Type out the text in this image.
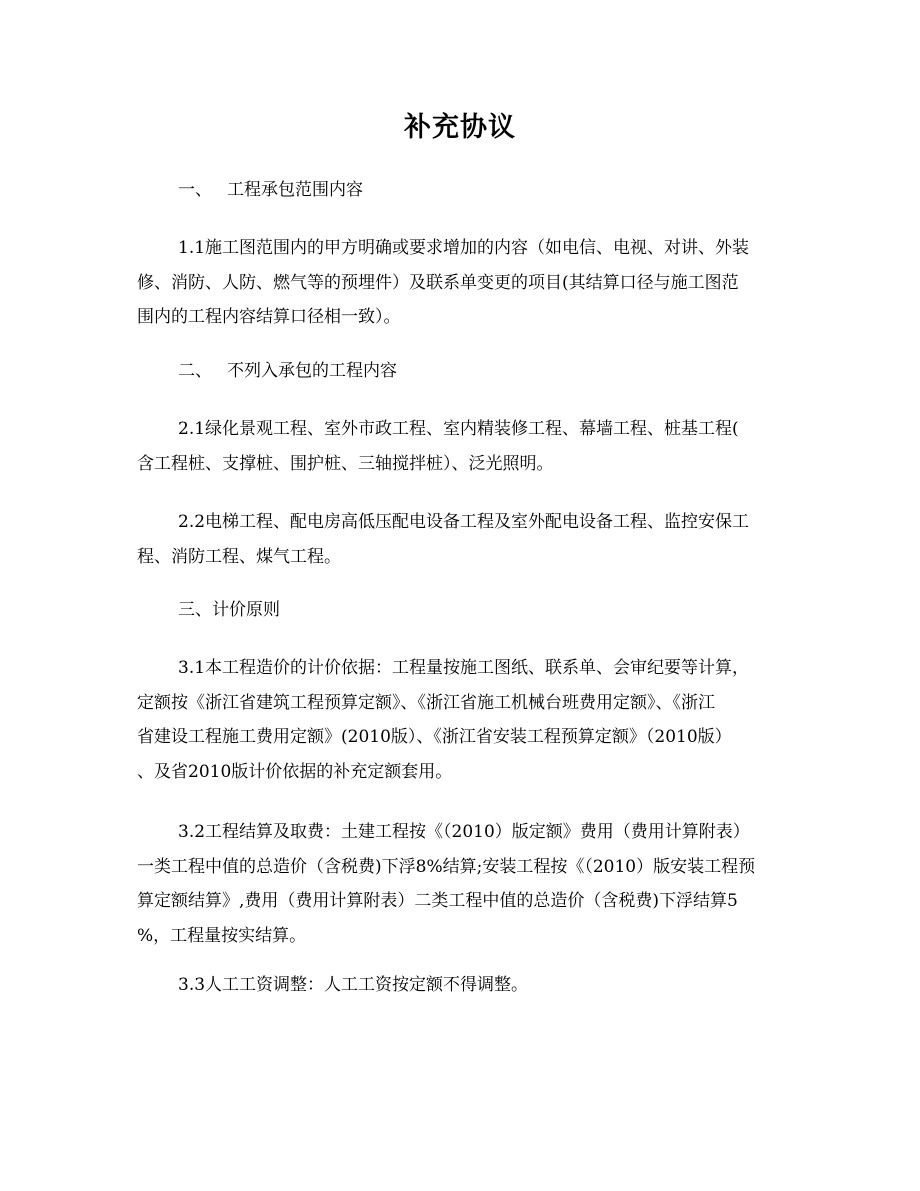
补充协议
一、 工程承包范围内容
1.1施工图范围内的甲方明确或要求增加的内容（如电信、电视、对讲、外装
修、消防、人防、燃气等的预埋件）及联系单变更的项目(其结算口径与施工图范
围内的工程内容结算口径相一致）。
二、 不列入承包的工程内容
2.1绿化景观工程、室外市政工程、室内精装修工程、幕墙工程、桩基工程(
含工程桩、支撑桩、围护桩、三轴搅拌桩）、泛光照明。
2.2电梯工程、配电房高低压配电设备工程及室外配电设备工程、监控安保工
程、消防工程、煤气工程。
三、计价原则
3.1本工程造价的计价依据：工程量按施工图纸、联系单、会审纪要等计算，
定额按《浙江省建筑工程预算定额》、《浙江省施工机械台班费用定额》、《浙江
省建设工程施工费用定额》(2010版）、《浙江省安装工程预算定额》（2010版）
、及省2010版计价依据的补充定额套用。
3.2工程结算及取费：土建工程按《（2010）版定额》费用（费用计算附表）
一类工程中值的总造价（含税费)下浮8%结算;安装工程按《（2010）版安装工程预
算定额结算》,费用（费用计算附表）二类工程中值的总造价（含税费)下浮结算5
%，工程量按实结算。
3.3人工工资调整：人工工资按定额不得调整。
